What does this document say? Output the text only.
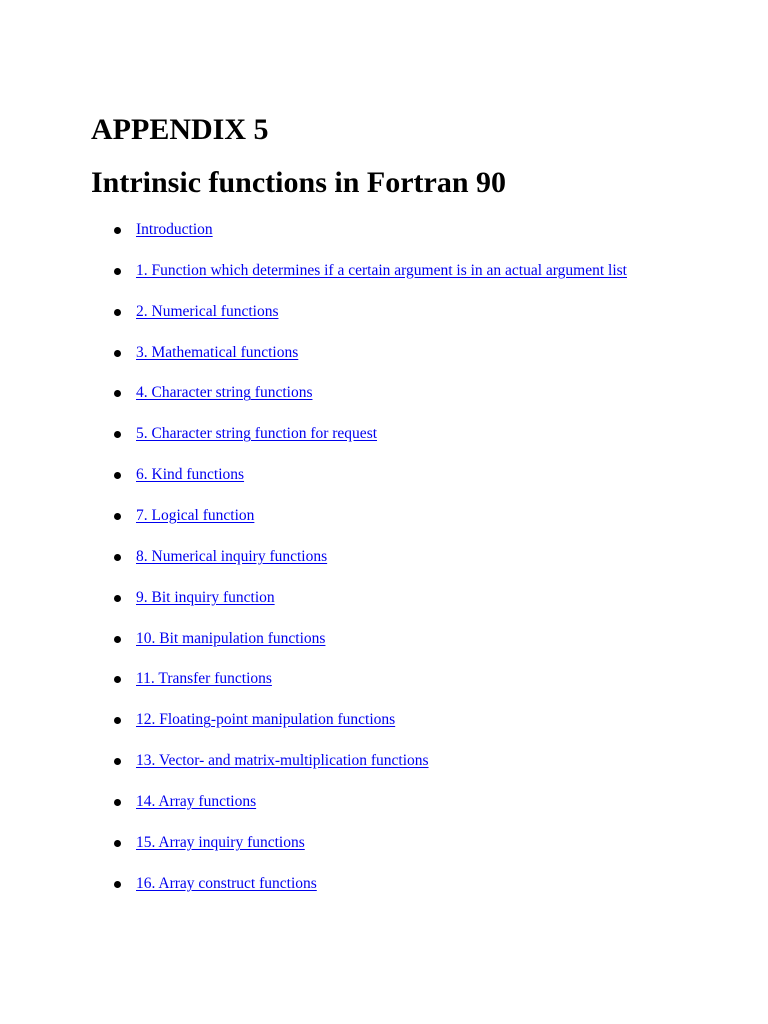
APPENDIX 5
Intrinsic functions in Fortran 90
Introduction
1. Function which determines if a certain argument is in an actual argument list
2. Numerical functions
3. Mathematical functions
4. Character string functions
5. Character string function for request
6. Kind functions
7. Logical function
8. Numerical inquiry functions
9. Bit inquiry function
10. Bit manipulation functions
11. Transfer functions
12. Floating-point manipulation functions
13. Vector- and matrix-multiplication functions
14. Array functions
15. Array inquiry functions
16. Array construct functions
